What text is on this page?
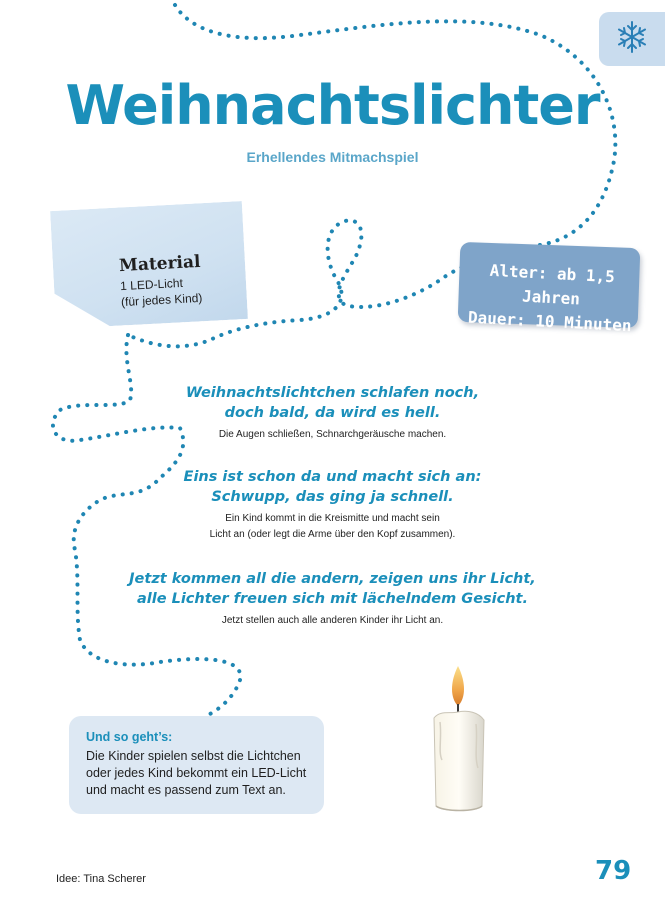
Weihnachtslichter
Erhellendes Mitmachspiel
Material
1 LED-Licht
(für jedes Kind)
Alter: ab 1,5 Jahren
Dauer: 10 Minuten
Weihnachtslichtchen schlafen noch,
doch bald, da wird es hell.
Die Augen schließen, Schnarchgeräusche machen.
Eins ist schon da und macht sich an:
Schwupp, das ging ja schnell.
Ein Kind kommt in die Kreismitte und macht sein
Licht an (oder legt die Arme über den Kopf zusammen).
Jetzt kommen all die andern, zeigen uns ihr Licht,
alle Lichter freuen sich mit lächelndem Gesicht.
Jetzt stellen auch alle anderen Kinder ihr Licht an.
Und so geht’s:
Die Kinder spielen selbst die Lichtchen
oder jedes Kind bekommt ein LED-Licht
und macht es passend zum Text an.
Idee: Tina Scherer	79
